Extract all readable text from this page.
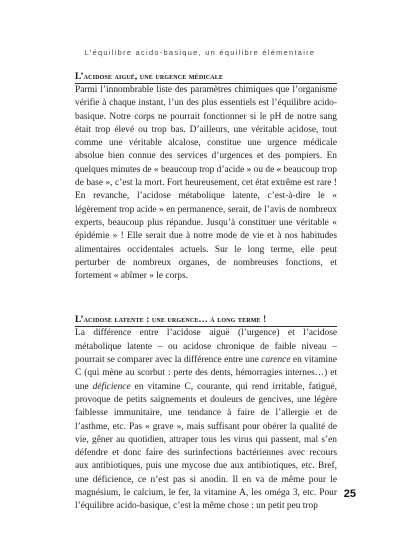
L’équilibre acido-basique, un équilibre élémentaire
L’acidose aiguë, une urgence médicale

Parmi l’innombrable liste des paramètres chimiques que l’organisme vérifie à chaque instant, l’un des plus essentiels est l’équilibre acido-basique. Notre corps ne pourrait fonctionner si le pH de notre sang était trop élevé ou trop bas. D’ailleurs, une véritable acidose, tout comme une véritable alcalose, constitue une urgence médicale absolue bien connue des services d’urgences et des pompiers. En quelques minutes de « beaucoup trop d’acide » ou de « beaucoup trop de base », c’est la mort. Fort heureusement, cet état extrême est rare ! En revanche, l’acidose métabolique latente, c’est-à-dire le « légèrement trop acide » en permanence, serait, de l’avis de nombreux experts, beaucoup plus répandue. Jusqu’à constituer une véritable « épidémie » ! Elle serait due à notre mode de vie et à nos habitudes alimentaires occidentales actuels. Sur le long terme, elle peut perturber de nombreux organes, de nombreuses fonctions, et fortement « abîmer » le corps.

L’acidose latente : une urgence… à long terme !

La différence entre l’acidose aiguë (l’urgence) et l’acidose métabolique latente – ou acidose chronique de faible niveau – pourrait se comparer avec la différence entre une carence en vitamine C (qui mène au scorbut : perte des dents, hémorragies internes…) et une déficience en vitamine C, courante, qui rend irritable, fatigué, provoque de petits saignements et douleurs de gencives, une légère faiblesse immunitaire, une tendance à faire de l’allergie et de l’asthme, etc. Pas « grave », mais suffisant pour obérer la qualité de vie, gêner au quotidien, attraper tous les virus qui passent, mal s’en défendre et donc faire des surinfections bactériennes avec recours aux antibiotiques, puis une mycose due aux antibiotiques, etc. Bref, une déficience, ce n’est pas si anodin. Il en va de même pour le magnésium, le calcium, le fer, la vitamine A, les oméga 3, etc. Pour l’équilibre acido-basique, c’est la même chose : un petit peu trop

25
